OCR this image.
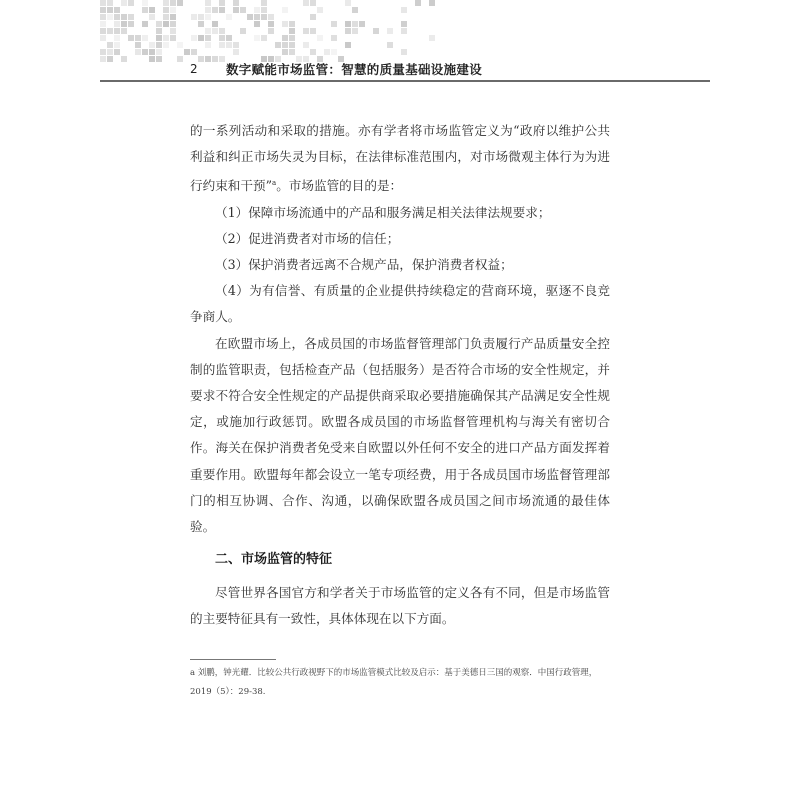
2	数字赋能市场监管：智慧的质量基础设施建设

的一系列活动和采取的措施。亦有学者将市场监管定义为“政府以维护公共利益和纠正市场失灵为目标，在法律标准范围内，对市场微观主体行为为进行约束和干预”$^a$。市场监管的目的是：

（1）保障市场流通中的产品和服务满足相关法律法规要求；

（2）促进消费者对市场的信任；

（3）保护消费者远离不合规产品，保护消费者权益；

（4）为有信誉、有质量的企业提供持续稳定的营商环境，驱逐不良竞争商人。

在欧盟市场上，各成员国的市场监督管理部门负责履行产品质量安全控制的监管职责，包括检查产品（包括服务）是否符合市场的安全性规定，并要求不符合安全性规定的产品提供商采取必要措施确保其产品满足安全性规定，或施加行政惩罚。欧盟各成员国的市场监督管理机构与海关有密切合作。海关在保护消费者免受来自欧盟以外任何不安全的进口产品方面发挥着重要作用。欧盟每年都会设立一笔专项经费，用于各成员国市场监督管理部门的相互协调、合作、沟通，以确保欧盟各成员国之间市场流通的最佳体验。

二、市场监管的特征

尽管世界各国官方和学者关于市场监管的定义各有不同，但是市场监管的主要特征具有一致性，具体体现在以下方面。

a 刘鹏，钟光耀．比较公共行政视野下的市场监管模式比较及启示：基于美德日三国的观察．中国行政管理，2019（5）：29-38.
